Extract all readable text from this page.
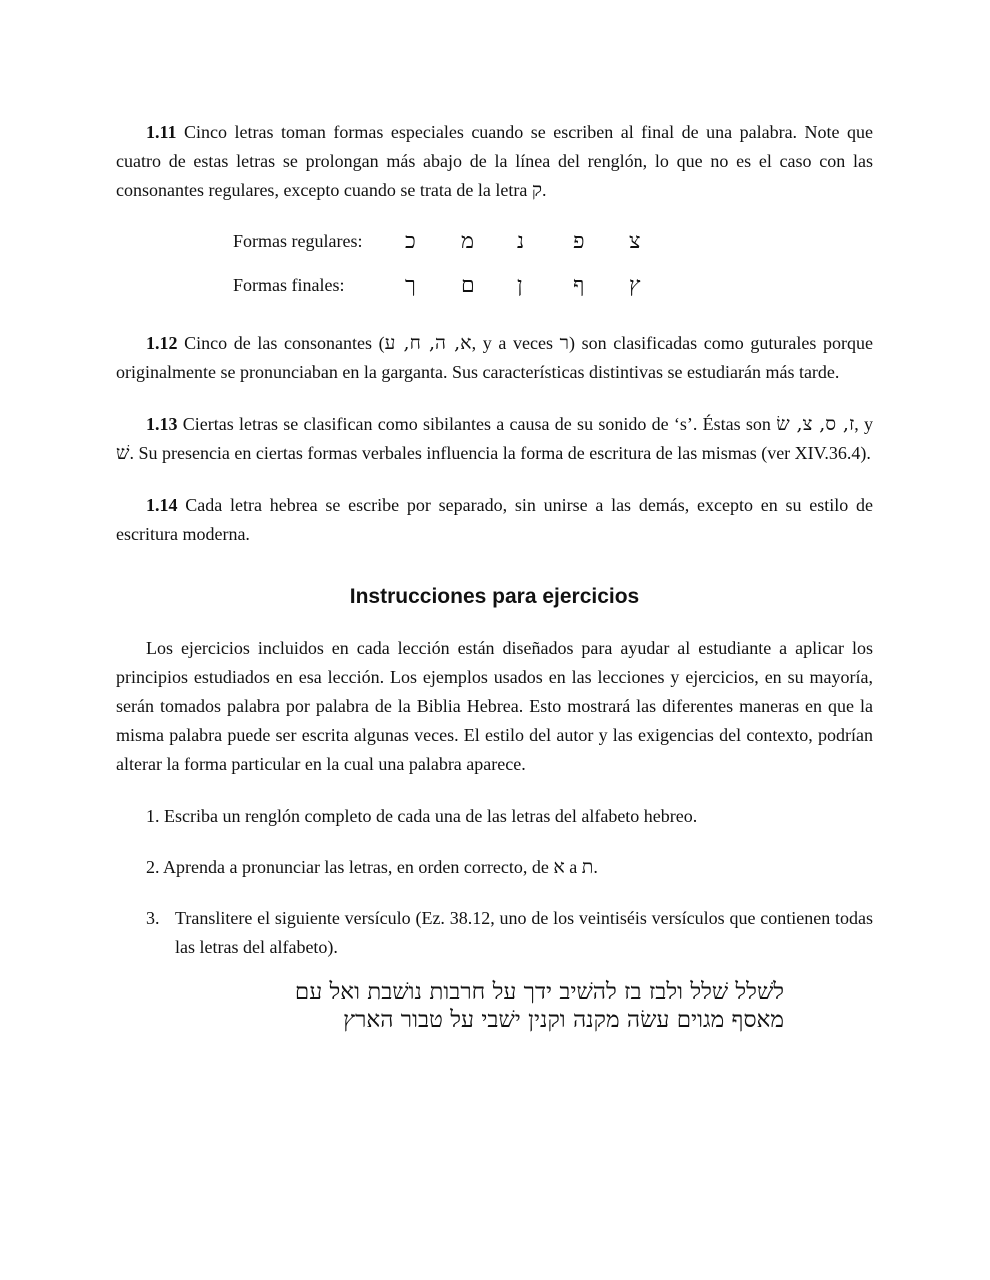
1.11 Cinco letras toman formas especiales cuando se escriben al final de una palabra. Note que cuatro de estas letras se prolongan más abajo de la línea del renglón, lo que no es el caso con las consonantes regulares, excepto cuando se trata de la letra ק.

Formas regulares:	כ	מ	נ	פ	צ
Formas finales:	ך	ם	ן	ף	ץ

1.12 Cinco de las consonantes (א, ה, ח, ע, y a veces ר) son clasificadas como guturales porque originalmente se pronunciaban en la garganta. Sus características distintivas se estudiarán más tarde.

1.13 Ciertas letras se clasifican como sibilantes a causa de su sonido de ‘s’. Éstas son ז, ס, צ, שׂ, y שׁ. Su presencia en ciertas formas verbales influencia la forma de escritura de las mismas (ver XIV.36.4).

1.14 Cada letra hebrea se escribe por separado, sin unirse a las demás, excepto en su estilo de escritura moderna.

Instrucciones para ejercicios

Los ejercicios incluidos en cada lección están diseñados para ayudar al estudiante a aplicar los principios estudiados en esa lección. Los ejemplos usados en las lecciones y ejercicios, en su mayoría, serán tomados palabra por palabra de la Biblia Hebrea. Esto mostrará las diferentes maneras en que la misma palabra puede ser escrita algunas veces. El estilo del autor y las exigencias del contexto, podrían alterar la forma particular en la cual una palabra aparece.

1. Escriba un renglón completo de cada una de las letras del alfabeto hebreo.
2. Aprenda a pronunciar las letras, en orden correcto, de א a ת.
3. Translitere el siguiente versículo (Ez. 38.12, uno de los veintiséis versículos que contienen todas las letras del alfabeto).
לשׁלל שׁלל ולבז בז להשׁיב ידך על חרבות נושׁבת ואל עם
מאסף מגוים עשׂה מקנה וקנין ישׁבי על טבור הארץ
